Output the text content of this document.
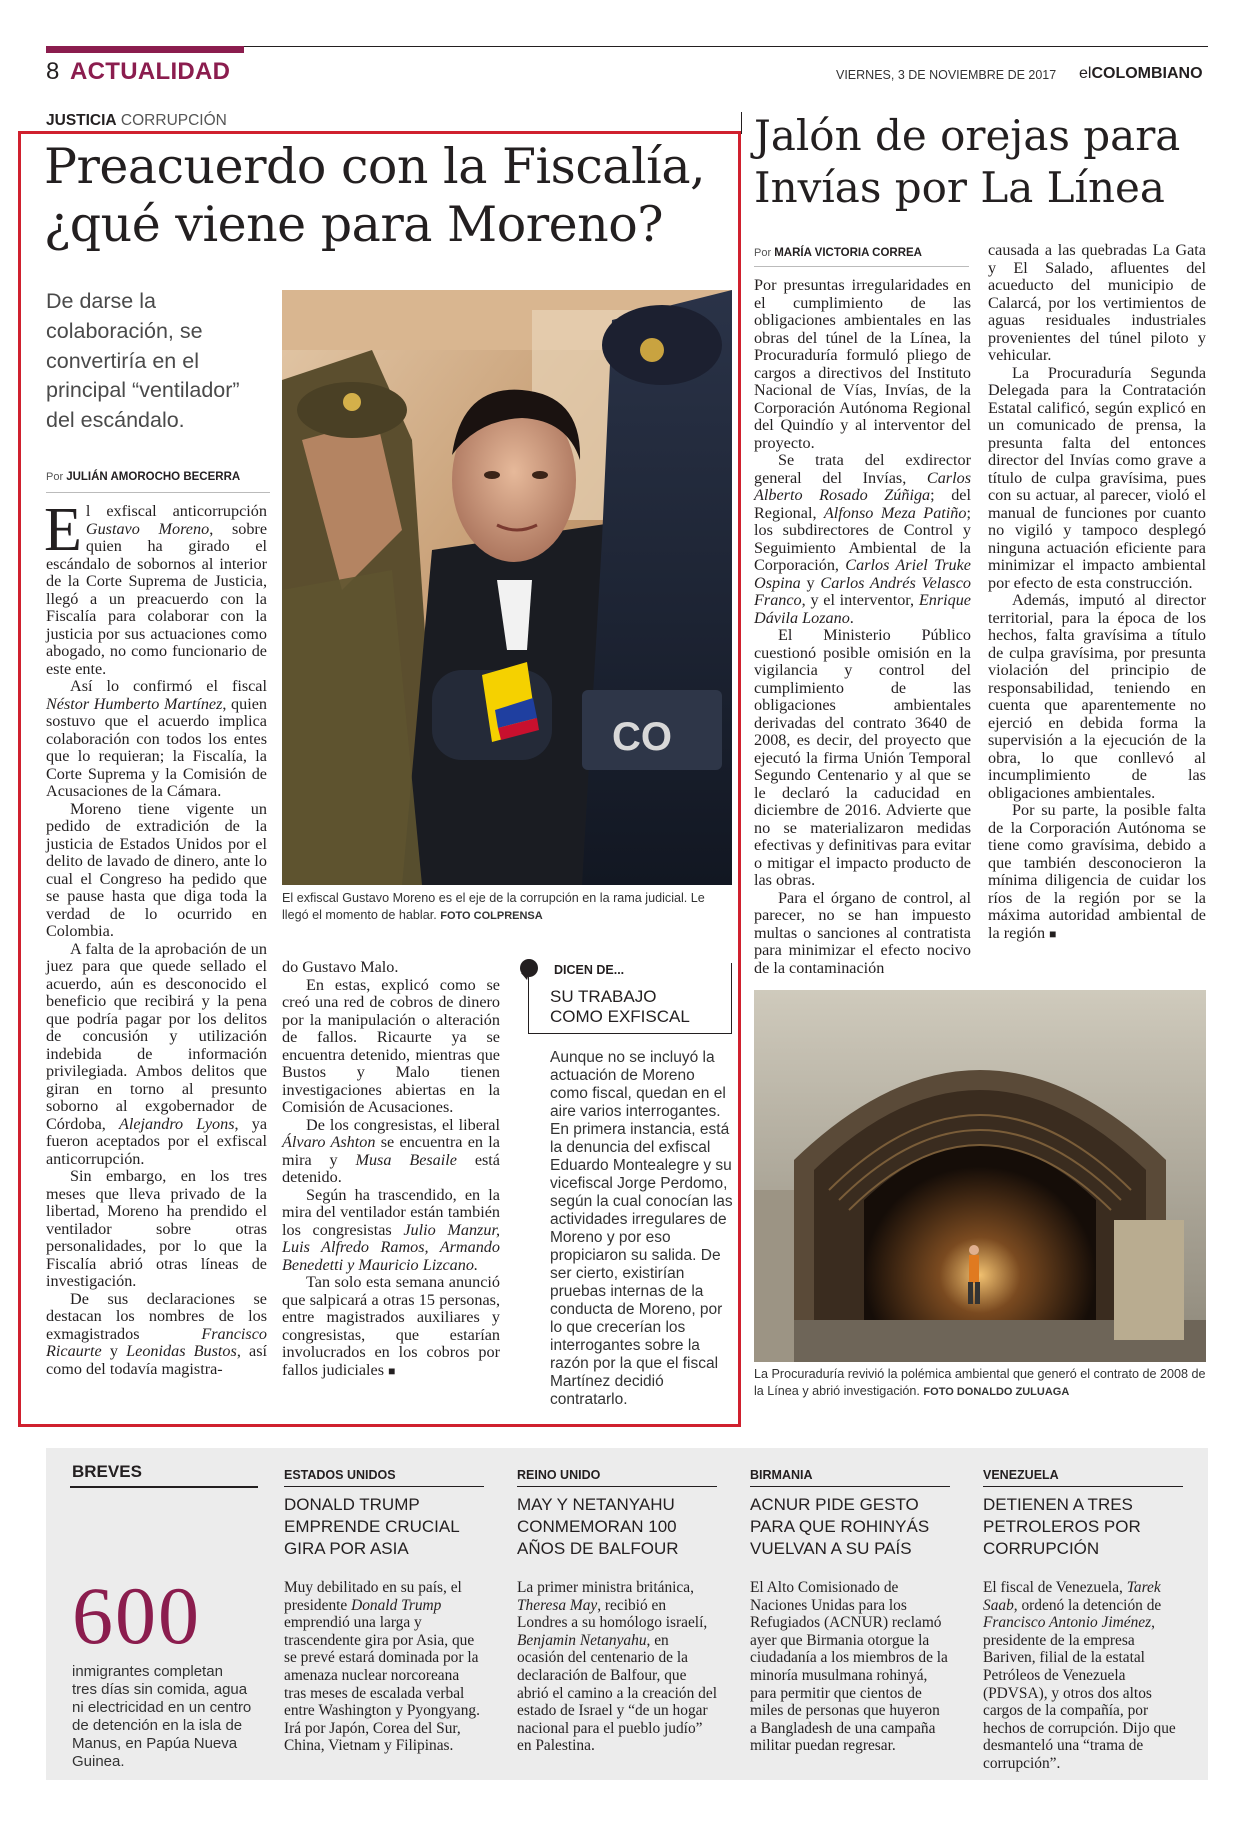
8 ACTUALIDAD	VIERNES, 3 DE NOVIEMBRE DE 2017 elCOLOMBIANO
JUSTICIA CORRUPCIÓN
Preacuerdo con la Fiscalía,
¿qué viene para Moreno?
De darse la colaboración, se convertiría en el principal “ventilador” del escándalo.
Por JULIÁN AMOROCHO BECERRA

El exfiscal anticorrupción Gustavo Moreno, sobre quien ha girado el escándalo de sobornos al interior de la Corte Suprema de Justicia, llegó a un preacuerdo con la Fiscalía para colaborar con la justicia por sus actuaciones como abogado, no como funcionario de este ente.

Así lo confirmó el fiscal Néstor Humberto Martínez, quien sostuvo que el acuerdo implica colaboración con todos los entes que lo requieran; la Fiscalía, la Corte Suprema y la Comisión de Acusaciones de la Cámara.

Moreno tiene vigente un pedido de extradición de la justicia de Estados Unidos por el delito de lavado de dinero, ante lo cual el Congreso ha pedido que se pause hasta que diga toda la verdad de lo ocurrido en Colombia.

A falta de la aprobación de un juez para que quede sellado el acuerdo, aún es desconocido el beneficio que recibirá y la pena que podría pagar por los delitos de concusión y utilización indebida de información privilegiada. Ambos delitos que giran en torno al presunto soborno al exgobernador de Córdoba, Alejandro Lyons, ya fueron aceptados por el exfiscal anticorrupción.

Sin embargo, en los tres meses que lleva privado de la libertad, Moreno ha prendido el ventilador sobre otras personalidades, por lo que la Fiscalía abrió otras líneas de investigación.

De sus declaraciones se destacan los nombres de los exmagistrados Francisco Ricaurte y Leonidas Bustos, así como del todavía magistra-

CO
El exfiscal Gustavo Moreno es el eje de la corrupción en la rama judicial. Le llegó el momento de hablar. FOTO COLPRENSA

do Gustavo Malo.

En estas, explicó como se creó una red de cobros de dinero por la manipulación o alteración de fallos. Ricaurte ya se encuentra detenido, mientras que Bustos y Malo tienen investigaciones abiertas en la Comisión de Acusaciones.

De los congresistas, el liberal Álvaro Ashton se encuentra en la mira y Musa Besaile está detenido.

Según ha trascendido, en la mira del ventilador están también los congresistas Julio Manzur, Luis Alfredo Ramos, Armando Benedetti y Mauricio Lizcano.

Tan solo esta semana anunció que salpicará a otras 15 personas, entre magistrados auxiliares y congresistas, que estarían involucrados en los cobros por fallos judiciales ■

DICEN DE...
SU TRABAJO COMO EXFISCAL
Aunque no se incluyó la actuación de Moreno como fiscal, quedan en el aire varios interrogantes. En primera instancia, está la denuncia del exfiscal Eduardo Montealegre y su vicefiscal Jorge Perdomo, según la cual conocían las actividades irregulares de Moreno y por eso propiciaron su salida. De ser cierto, existirían pruebas internas de la conducta de Moreno, por lo que crecerían los interrogantes sobre la razón por la que el fiscal Martínez decidió contratarlo.
Jalón de orejas para
Invías por La Línea
Por MARÍA VICTORIA CORREA

Por presuntas irregularidades en el cumplimiento de las obligaciones ambientales en las obras del túnel de la Línea, la Procuraduría formuló pliego de cargos a directivos del Instituto Nacional de Vías, Invías, de la Corporación Autónoma Regional del Quindío y al interventor del proyecto.

Se trata del exdirector general del Invías, Carlos Alberto Rosado Zúñiga; del Regional, Alfonso Meza Patiño; los subdirectores de Control y Seguimiento Ambiental de la Corporación, Carlos Ariel Truke Ospina y Carlos Andrés Velasco Franco, y el interventor, Enrique Dávila Lozano.

El Ministerio Público cuestionó posible omisión en la vigilancia y control del cumplimiento de las obligaciones ambientales derivadas del contrato 3640 de 2008, es decir, del proyecto que ejecutó la firma Unión Temporal Segundo Centenario y al que se le declaró la caducidad en diciembre de 2016. Advierte que no se materializaron medidas efectivas y definitivas para evitar o mitigar el impacto producto de las obras.

Para el órgano de control, al parecer, no se han impuesto multas o sanciones al contratista para minimizar el efecto nocivo de la contaminación

causada a las quebradas La Gata y El Salado, afluentes del acueducto del municipio de Calarcá, por los vertimientos de aguas residuales industriales provenientes del túnel piloto y vehicular.

La Procuraduría Segunda Delegada para la Contratación Estatal calificó, según explicó en un comunicado de prensa, la presunta falta del entonces director del Invías como grave a título de culpa gravísima, pues con su actuar, al parecer, violó el manual de funciones por cuanto no vigiló y tampoco desplegó ninguna actuación eficiente para minimizar el impacto ambiental por efecto de esta construcción.

Además, imputó al director territorial, para la época de los hechos, falta gravísima a título de culpa gravísima, por presunta violación del principio de responsabilidad, teniendo en cuenta que aparentemente no ejerció en debida forma la supervisión a la ejecución de la obra, lo que conllevó al incumplimiento de las obligaciones ambientales.

Por su parte, la posible falta de la Corporación Autónoma se tiene como gravísima, debido a que también desconocieron la mínima diligencia de cuidar los ríos de la región por se la máxima autoridad ambiental de la región ■

La Procuraduría revivió la polémica ambiental que generó el contrato de 2008 de la Línea y abrió investigación. FOTO DONALDO ZULUAGA
BREVES
600
inmigrantes completan tres días sin comida, agua ni electricidad en un centro de detención en la isla de Manus, en Papúa Nueva Guinea.
ESTADOS UNIDOS
DONALD TRUMP EMPRENDE CRUCIAL GIRA POR ASIA
Muy debilitado en su país, el presidente Donald Trump emprendió una larga y trascendente gira por Asia, que se prevé estará dominada por la amenaza nuclear norcoreana tras meses de escalada verbal entre Washington y Pyongyang. Irá por Japón, Corea del Sur, China, Vietnam y Filipinas.
REINO UNIDO
MAY Y NETANYAHU CONMEMORAN 100 AÑOS DE BALFOUR
La primer ministra británica, Theresa May, recibió en Londres a su homólogo israelí, Benjamin Netanyahu, en ocasión del centenario de la declaración de Balfour, que abrió el camino a la creación del estado de Israel y “de un hogar nacional para el pueblo judío” en Palestina.
BIRMANIA
ACNUR PIDE GESTO PARA QUE ROHINYÁS VUELVAN A SU PAÍS
El Alto Comisionado de Naciones Unidas para los Refugiados (ACNUR) reclamó ayer que Birmania otorgue la ciudadanía a los miembros de la minoría musulmana rohinyá, para permitir que cientos de miles de personas que huyeron a Bangladesh de una campaña militar puedan regresar.
VENEZUELA
DETIENEN A TRES PETROLEROS POR CORRUPCIÓN
El fiscal de Venezuela, Tarek Saab, ordenó la detención de Francisco Antonio Jiménez, presidente de la empresa Bariven, filial de la estatal Petróleos de Venezuela (PDVSA), y otros dos altos cargos de la compañía, por hechos de corrupción. Dijo que desmanteló una “trama de corrupción”.
